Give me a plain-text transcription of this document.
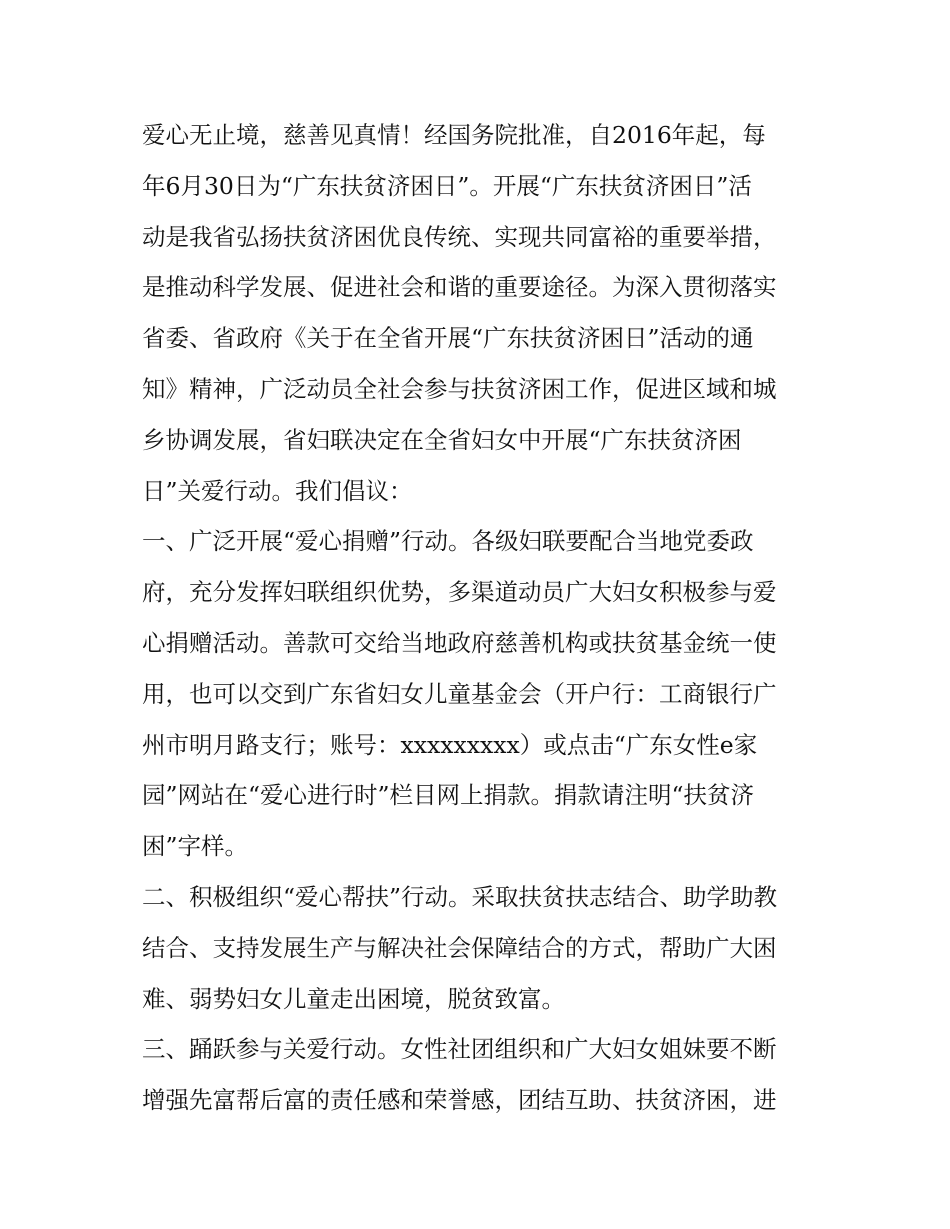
爱心无止境，慈善见真情！经国务院批准，自2016年起，每
年6月30日为“广东扶贫济困日”。开展“广东扶贫济困日”活
动是我省弘扬扶贫济困优良传统、实现共同富裕的重要举措，
是推动科学发展、促进社会和谐的重要途径。为深入贯彻落实
省委、省政府《关于在全省开展“广东扶贫济困日”活动的通
知》精神，广泛动员全社会参与扶贫济困工作，促进区域和城
乡协调发展，省妇联决定在全省妇女中开展“广东扶贫济困
日”关爱行动。我们倡议：
一、广泛开展“爱心捐赠”行动。各级妇联要配合当地党委政
府，充分发挥妇联组织优势，多渠道动员广大妇女积极参与爱
心捐赠活动。善款可交给当地政府慈善机构或扶贫基金统一使
用，也可以交到广东省妇女儿童基金会（开户行：工商银行广
州市明月路支行；账号：xxxxxxxxx）或点击“广东女性e家
园”网站在“爱心进行时”栏目网上捐款。捐款请注明“扶贫济
困”字样。
二、积极组织“爱心帮扶”行动。采取扶贫扶志结合、助学助教
结合、支持发展生产与解决社会保障结合的方式，帮助广大困
难、弱势妇女儿童走出困境，脱贫致富。
三、踊跃参与关爱行动。女性社团组织和广大妇女姐妹要不断
增强先富帮后富的责任感和荣誉感，团结互助、扶贫济困，进
